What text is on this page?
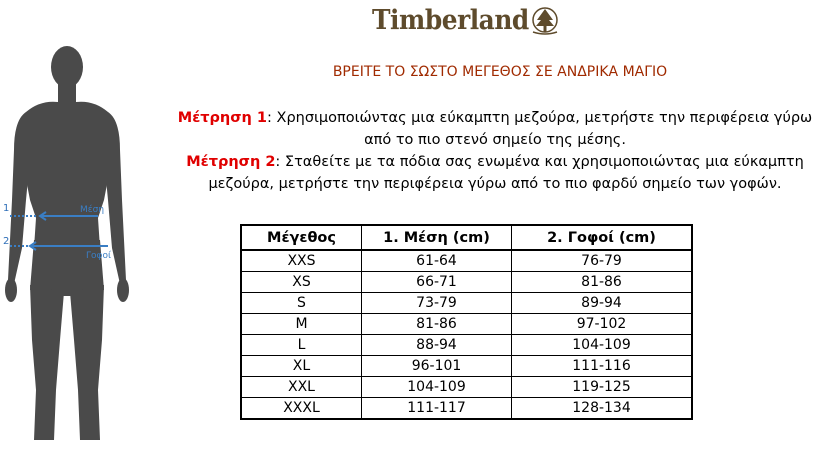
Timberland
1
2
Μέση
Γοφοί
ΒΡΕΙΤΕ ΤΟ ΣΩΣΤΟ ΜΕΓΕΘΟΣ ΣΕ ΑΝΔΡΙΚΑ ΜΑΓΙΟ
Μέτρηση 1: Χρησιμοποιώντας μια εύκαμπτη μεζούρα, μετρήστε την περιφέρεια γύρω
από το πιο στενό σημείο της μέσης.
Μέτρηση 2: Σταθείτε με τα πόδια σας ενωμένα και χρησιμοποιώντας μια εύκαμπτη
μεζούρα, μετρήστε την περιφέρεια γύρω από το πιο φαρδύ σημείο των γοφών.
Μέγεθος	1. Μέση (cm)	2. Γοφοί (cm)
XXS	61-64	76-79
XS	66-71	81-86
S	73-79	89-94
M	81-86	97-102
L	88-94	104-109
XL	96-101	111-116
XXL	104-109	119-125
XXXL	111-117	128-134
